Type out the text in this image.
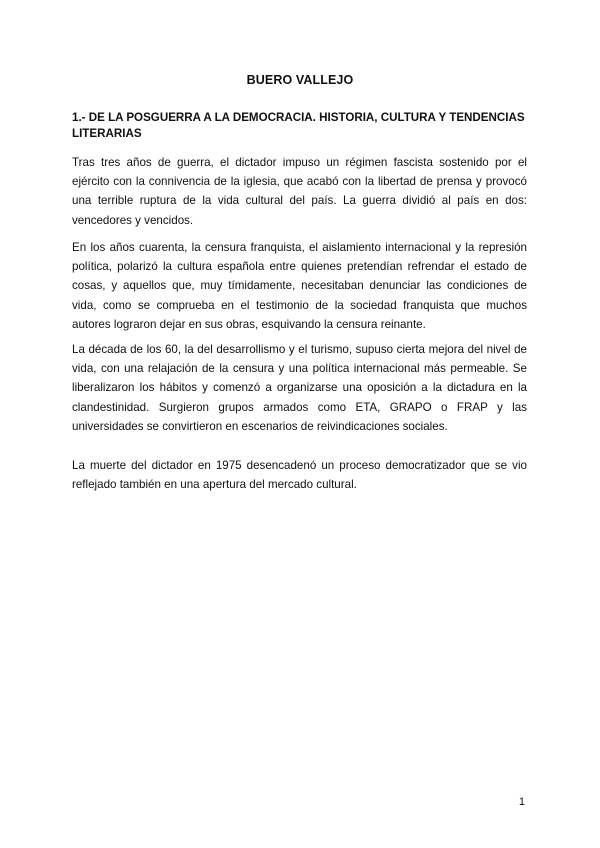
BUERO VALLEJO
1.- DE LA POSGUERRA A LA DEMOCRACIA. HISTORIA, CULTURA Y TENDENCIAS LITERARIAS

Tras tres años de guerra, el dictador impuso un régimen fascista sostenido por el ejército con la connivencia de la iglesia, que acabó con la libertad de prensa y provocó una terrible ruptura de la vida cultural del país. La guerra dividió al país en dos: vencedores y vencidos.

En los años cuarenta, la censura franquista, el aislamiento internacional y la represión política, polarizó la cultura española entre quienes pretendían refrendar el estado de cosas, y aquellos que, muy tímidamente, necesitaban denunciar las condiciones de vida, como se comprueba en el testimonio de la sociedad franquista que muchos autores lograron dejar en sus obras, esquivando la censura reinante.

La década de los 60, la del desarrollismo y el turismo, supuso cierta mejora del nivel de vida, con una relajación de la censura y una política internacional más permeable. Se liberalizaron los hábitos y comenzó a organizarse una oposición a la dictadura en la clandestinidad. Surgieron grupos armados como ETA, GRAPO o FRAP y las universidades se convirtieron en escenarios de reivindicaciones sociales.

La muerte del dictador en 1975 desencadenó un proceso democratizador que se vio reflejado también en una apertura del mercado cultural.

1
